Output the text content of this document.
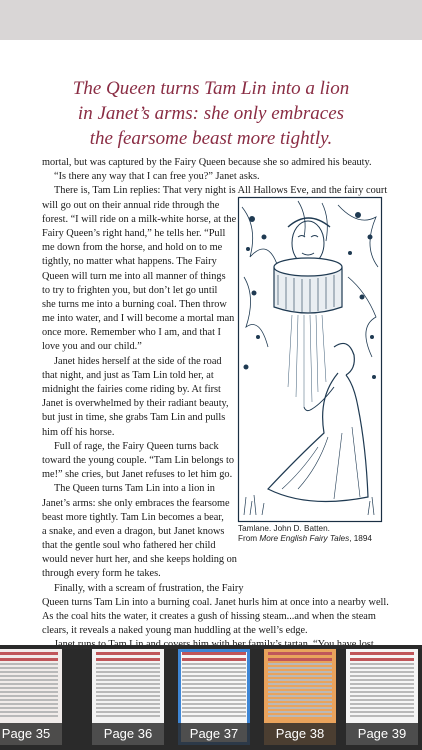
The Queen turns Tam Lin into a lion
in Janet’s arms: she only embraces
the fearsome beast more tightly.
mortal, but was captured by the Fairy Queen because she so admired his beauty.
“Is there any way that I can free you?” Janet asks.
There is, Tam Lin replies: That very night is All Hallows Eve, and the fairy court
will go out on their annual ride through the
forest. “I will ride on a milk-white horse, at the
Fairy Queen’s right hand,” he tells her. “Pull
me down from the horse, and hold on to me
tightly, no matter what happens. The Fairy
Queen will turn me into all manner of things
to try to frighten you, but don’t let go until
she turns me into a burning coal. Then throw
me into water, and I will become a mortal man
once more. Remember who I am, and that I
love you and our child.”
Janet hides herself at the side of the road
that night, and just as Tam Lin told her, at
midnight the fairies come riding by. At first
Janet is overwhelmed by their radiant beauty,
but just in time, she grabs Tam Lin and pulls
him off his horse.
Full of rage, the Fairy Queen turns back
toward the young couple. “Tam Lin belongs to
me!” she cries, but Janet refuses to let him go.
The Queen turns Tam Lin into a lion in
Janet’s arms: she only embraces the fearsome
beast more tightly. Tam Lin becomes a bear,
a snake, and even a dragon, but Janet knows
that the gentle soul who fathered her child
would never hurt her, and she keeps holding on
through every form he takes.
Finally, with a scream of frustration, the Fairy
Queen turns Tam Lin into a burning coal. Janet hurls him at once into a nearby well.
As the coal hits the water, it creates a gush of hissing steam...and when the steam
clears, it reveals a naked young man huddling at the well’s edge.
Tamlane. John D. Batten.
From More English Fairy Tales, 1894
Page 35	Page 36	Page 37	Page 38	Page 39
